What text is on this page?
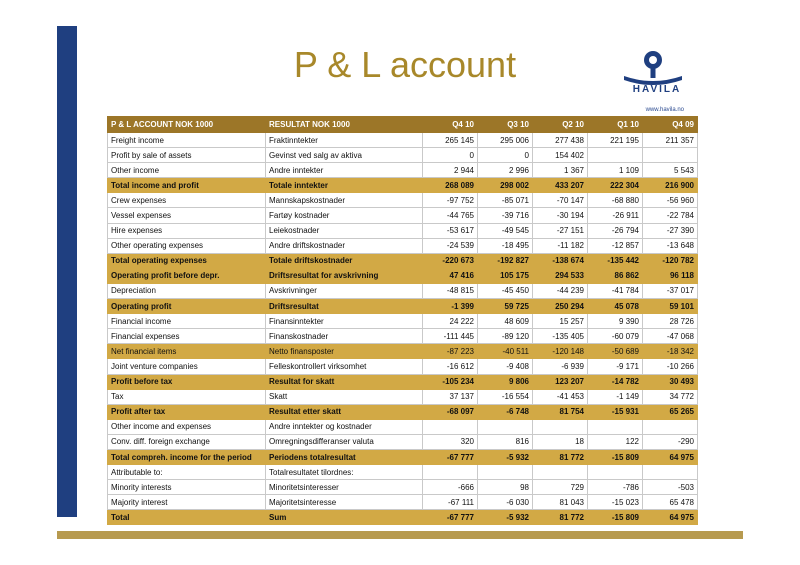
P & L account
HAVILA
www.havila.no
P & L ACCOUNT NOK 1000	RESULTAT NOK 1000	Q4 10	Q3 10	Q2 10	Q1 10	Q4 09
Freight income	Fraktinntekter	265 145	295 006	277 438	221 195	211 357
Profit by sale of assets	Gevinst ved salg av aktiva	0	0	154 402		
Other income	Andre inntekter	2 944	2 996	1 367	1 109	5 543
Total income and profit	Totale inntekter	268 089	298 002	433 207	222 304	216 900
Crew expenses	Mannskapskostnader	-97 752	-85 071	-70 147	-68 880	-56 960
Vessel expenses	Fartøy kostnader	-44 765	-39 716	-30 194	-26 911	-22 784
Hire expenses	Leiekostnader	-53 617	-49 545	-27 151	-26 794	-27 390
Other operating expenses	Andre driftskostnader	-24 539	-18 495	-11 182	-12 857	-13 648
Total operating expenses	Totale driftskostnader	-220 673	-192 827	-138 674	-135 442	-120 782
Operating profit before depr.	Driftsresultat for avskrivning	47 416	105 175	294 533	86 862	96 118
Depreciation	Avskrivninger	-48 815	-45 450	-44 239	-41 784	-37 017
Operating profit	Driftsresultat	-1 399	59 725	250 294	45 078	59 101
Financial income	Finansinntekter	24 222	48 609	15 257	9 390	28 726
Financial expenses	Finanskostnader	-111 445	-89 120	-135 405	-60 079	-47 068
Net financial items	Netto finansposter	-87 223	-40 511	-120 148	-50 689	-18 342
Joint venture companies	Felleskontrollert virksomhet	-16 612	-9 408	-6 939	-9 171	-10 266
Profit before tax	Resultat for skatt	-105 234	9 806	123 207	-14 782	30 493
Tax	Skatt	37 137	-16 554	-41 453	-1 149	34 772
Profit after tax	Resultat etter skatt	-68 097	-6 748	81 754	-15 931	65 265
Other income and expenses	Andre inntekter og kostnader					
Conv. diff. foreign exchange	Omregningsdifferanser valuta	320	816	18	122	-290
Total compreh. income for the period	Periodens totalresultat	-67 777	-5 932	81 772	-15 809	64 975
Attributable to:	Totalresultatet tilordnes:					
Minority interests	Minoritetsinteresser	-666	98	729	-786	-503
Majority interest	Majoritetsinteresse	-67 111	-6 030	81 043	-15 023	65 478
Total	Sum	-67 777	-5 932	81 772	-15 809	64 975
